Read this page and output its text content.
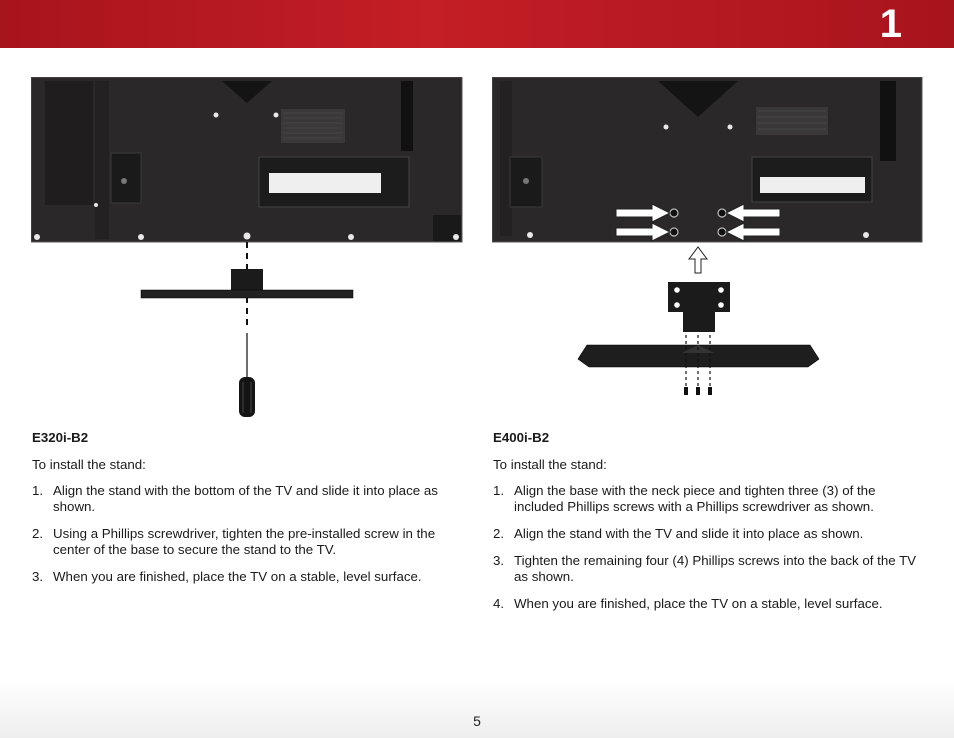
1
E320i-B2
To install the stand:
1. Align the stand with the bottom of the TV and slide it into place as shown.
2. Using a Phillips screwdriver, tighten the pre-installed screw in the center of the base to secure the stand to the TV.
3. When you are finished, place the TV on a stable, level surface.
E400i-B2
To install the stand:
1. Align the base with the neck piece and tighten three (3) of the included Phillips screws with a Phillips screwdriver as shown.
2. Align the stand with the TV and slide it into place as shown.
3. Tighten the remaining four (4) Phillips screws into the back of the TV as shown.
4. When you are finished, place the TV on a stable, level surface.
5
